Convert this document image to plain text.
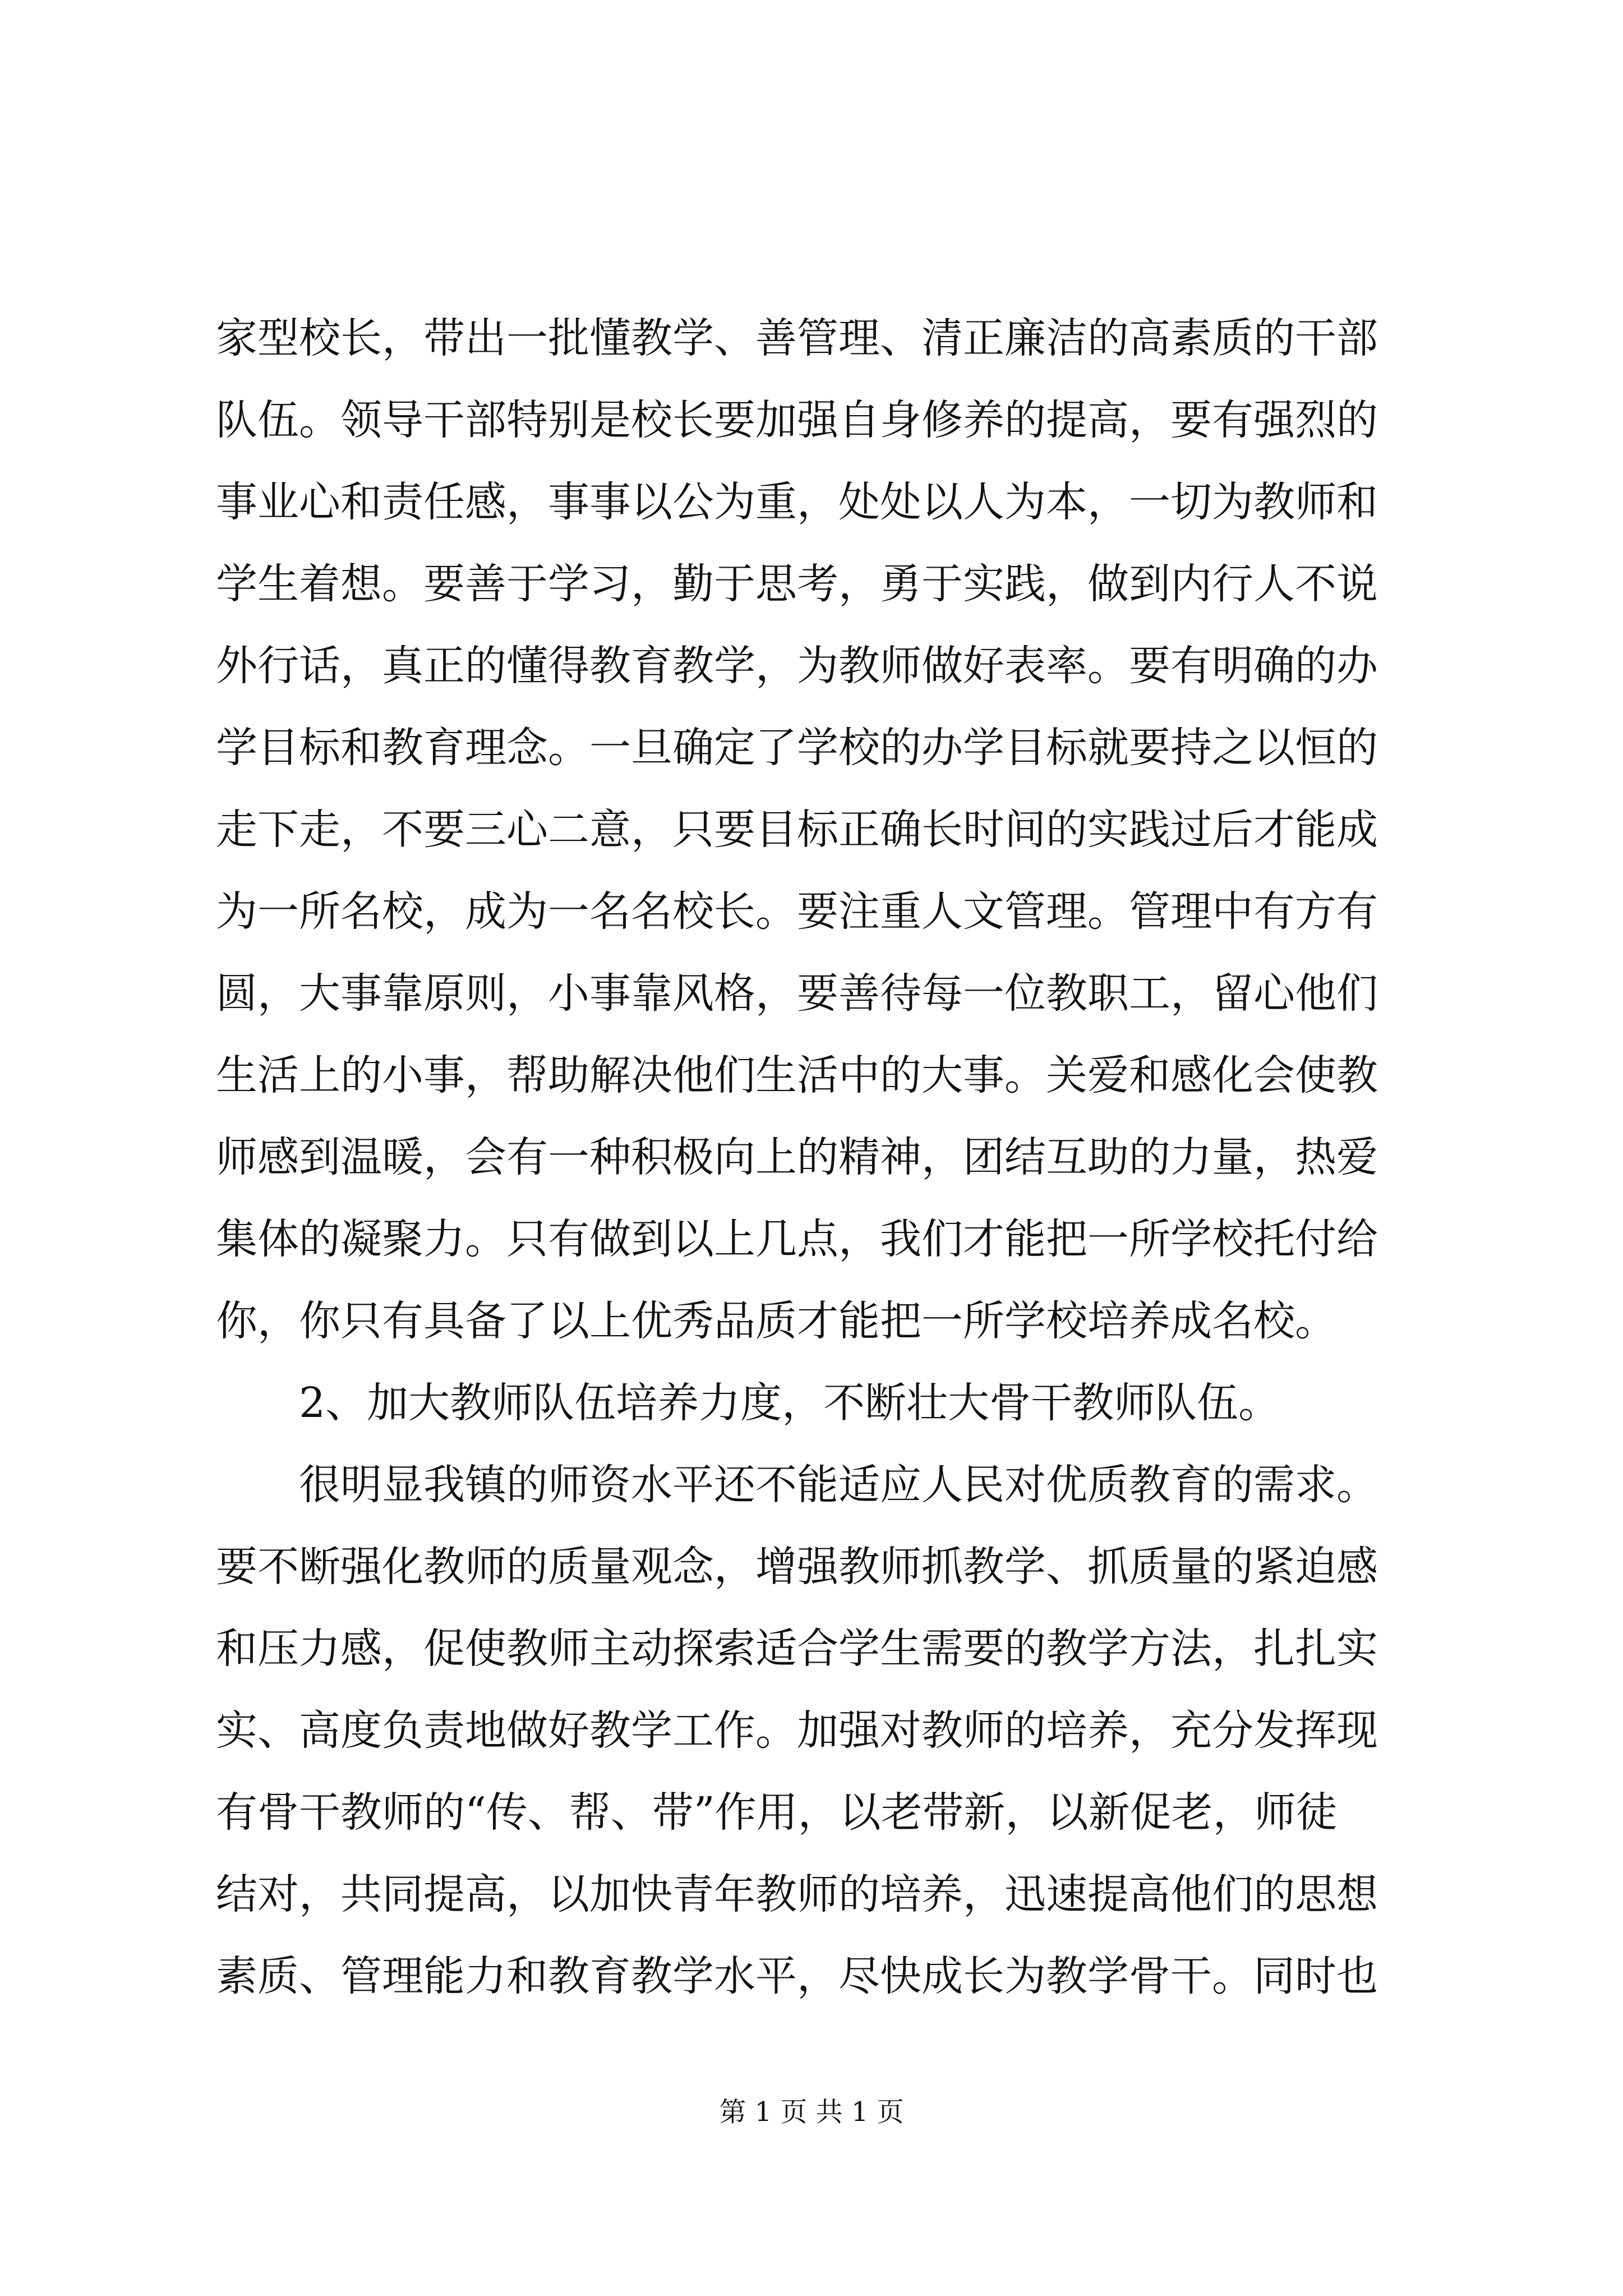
家型校长，带出一批懂教学、善管理、清正廉洁的高素质的干部
队伍。领导干部特别是校长要加强自身修养的提高，要有强烈的
事业心和责任感，事事以公为重，处处以人为本，一切为教师和
学生着想。要善于学习，勤于思考，勇于实践，做到内行人不说
外行话，真正的懂得教育教学，为教师做好表率。要有明确的办
学目标和教育理念。一旦确定了学校的办学目标就要持之以恒的
走下走，不要三心二意，只要目标正确长时间的实践过后才能成
为一所名校，成为一名名校长。要注重人文管理。管理中有方有
圆，大事靠原则，小事靠风格，要善待每一位教职工，留心他们
生活上的小事，帮助解决他们生活中的大事。关爱和感化会使教
师感到温暖，会有一种积极向上的精神，团结互助的力量，热爱
集体的凝聚力。只有做到以上几点，我们才能把一所学校托付给
你，你只有具备了以上优秀品质才能把一所学校培养成名校。
2、加大教师队伍培养力度，不断壮大骨干教师队伍。
很明显我镇的师资水平还不能适应人民对优质教育的需求。
要不断强化教师的质量观念，增强教师抓教学、抓质量的紧迫感
和压力感，促使教师主动探索适合学生需要的教学方法，扎扎实
实、高度负责地做好教学工作。加强对教师的培养，充分发挥现
有骨干教师的“传、帮、带”作用，以老带新，以新促老，师徒
结对，共同提高，以加快青年教师的培养，迅速提高他们的思想
素质、管理能力和教育教学水平，尽快成长为教学骨干。同时也
第 1 页 共 1 页
